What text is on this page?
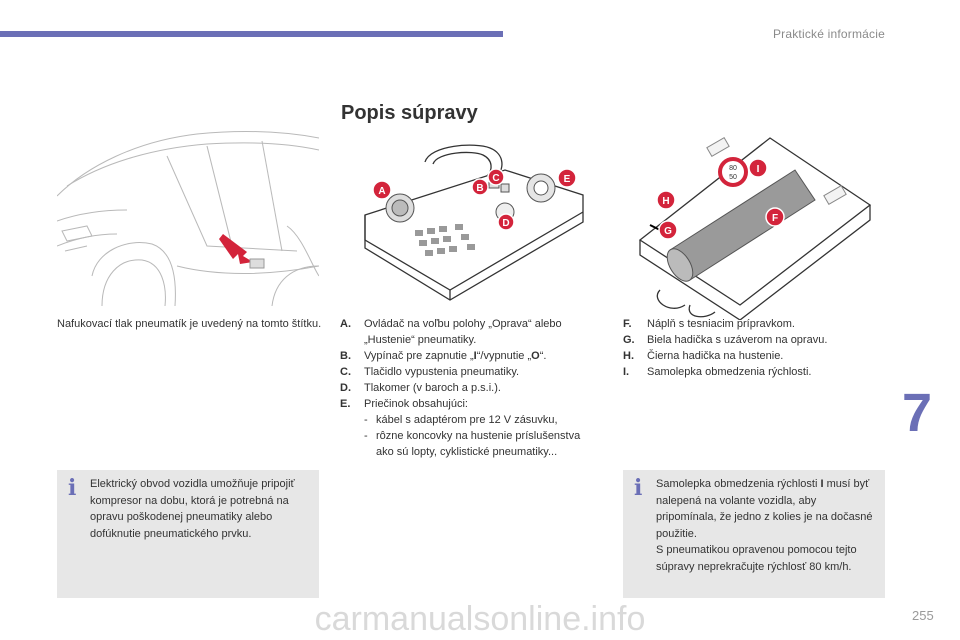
Praktické informácie
7
Popis súpravy
A	B
C
D
E
80
50
I
H
F
G
Nafukovací tlak pneumatík je uvedený na tomto štítku. A.	Ovládač na voľbu polohy „Oprava“ alebo „Hustenie“ pneumatiky.
B.	Vypínač pre zapnutie „I“/vypnutie „O“.
C.	Tlačidlo vypustenia pneumatiky.
D.	Tlakomer (v baroch a p.s.i.).
E.	Priečinok obsahujúci:
- kábel s adaptérom pre 12 V zásuvku,
- rôzne koncovky na hustenie príslušenstva ako sú lopty, cyklistické pneumatiky...
F.	Náplň s tesniacim prípravkom.
G.	Biela hadička s uzáverom na opravu.
H.	Čierna hadička na hustenie.
I.	Samolepka obmedzenia rýchlosti.
i Elektrický obvod vozidla umožňuje pripojiť kompresor na dobu, ktorá je potrebná na opravu poškodenej pneumatiky alebo dofúknutie pneumatického prvku.
i Samolepka obmedzenia rýchlosti I musí byť nalepená na volante vozidla, aby pripomínala, že jedno z kolies je na dočasné použitie.
S pneumatikou opravenou pomocou tejto súpravy neprekračujte rýchlosť 80 km/h.
carmanualsonline.info	255
